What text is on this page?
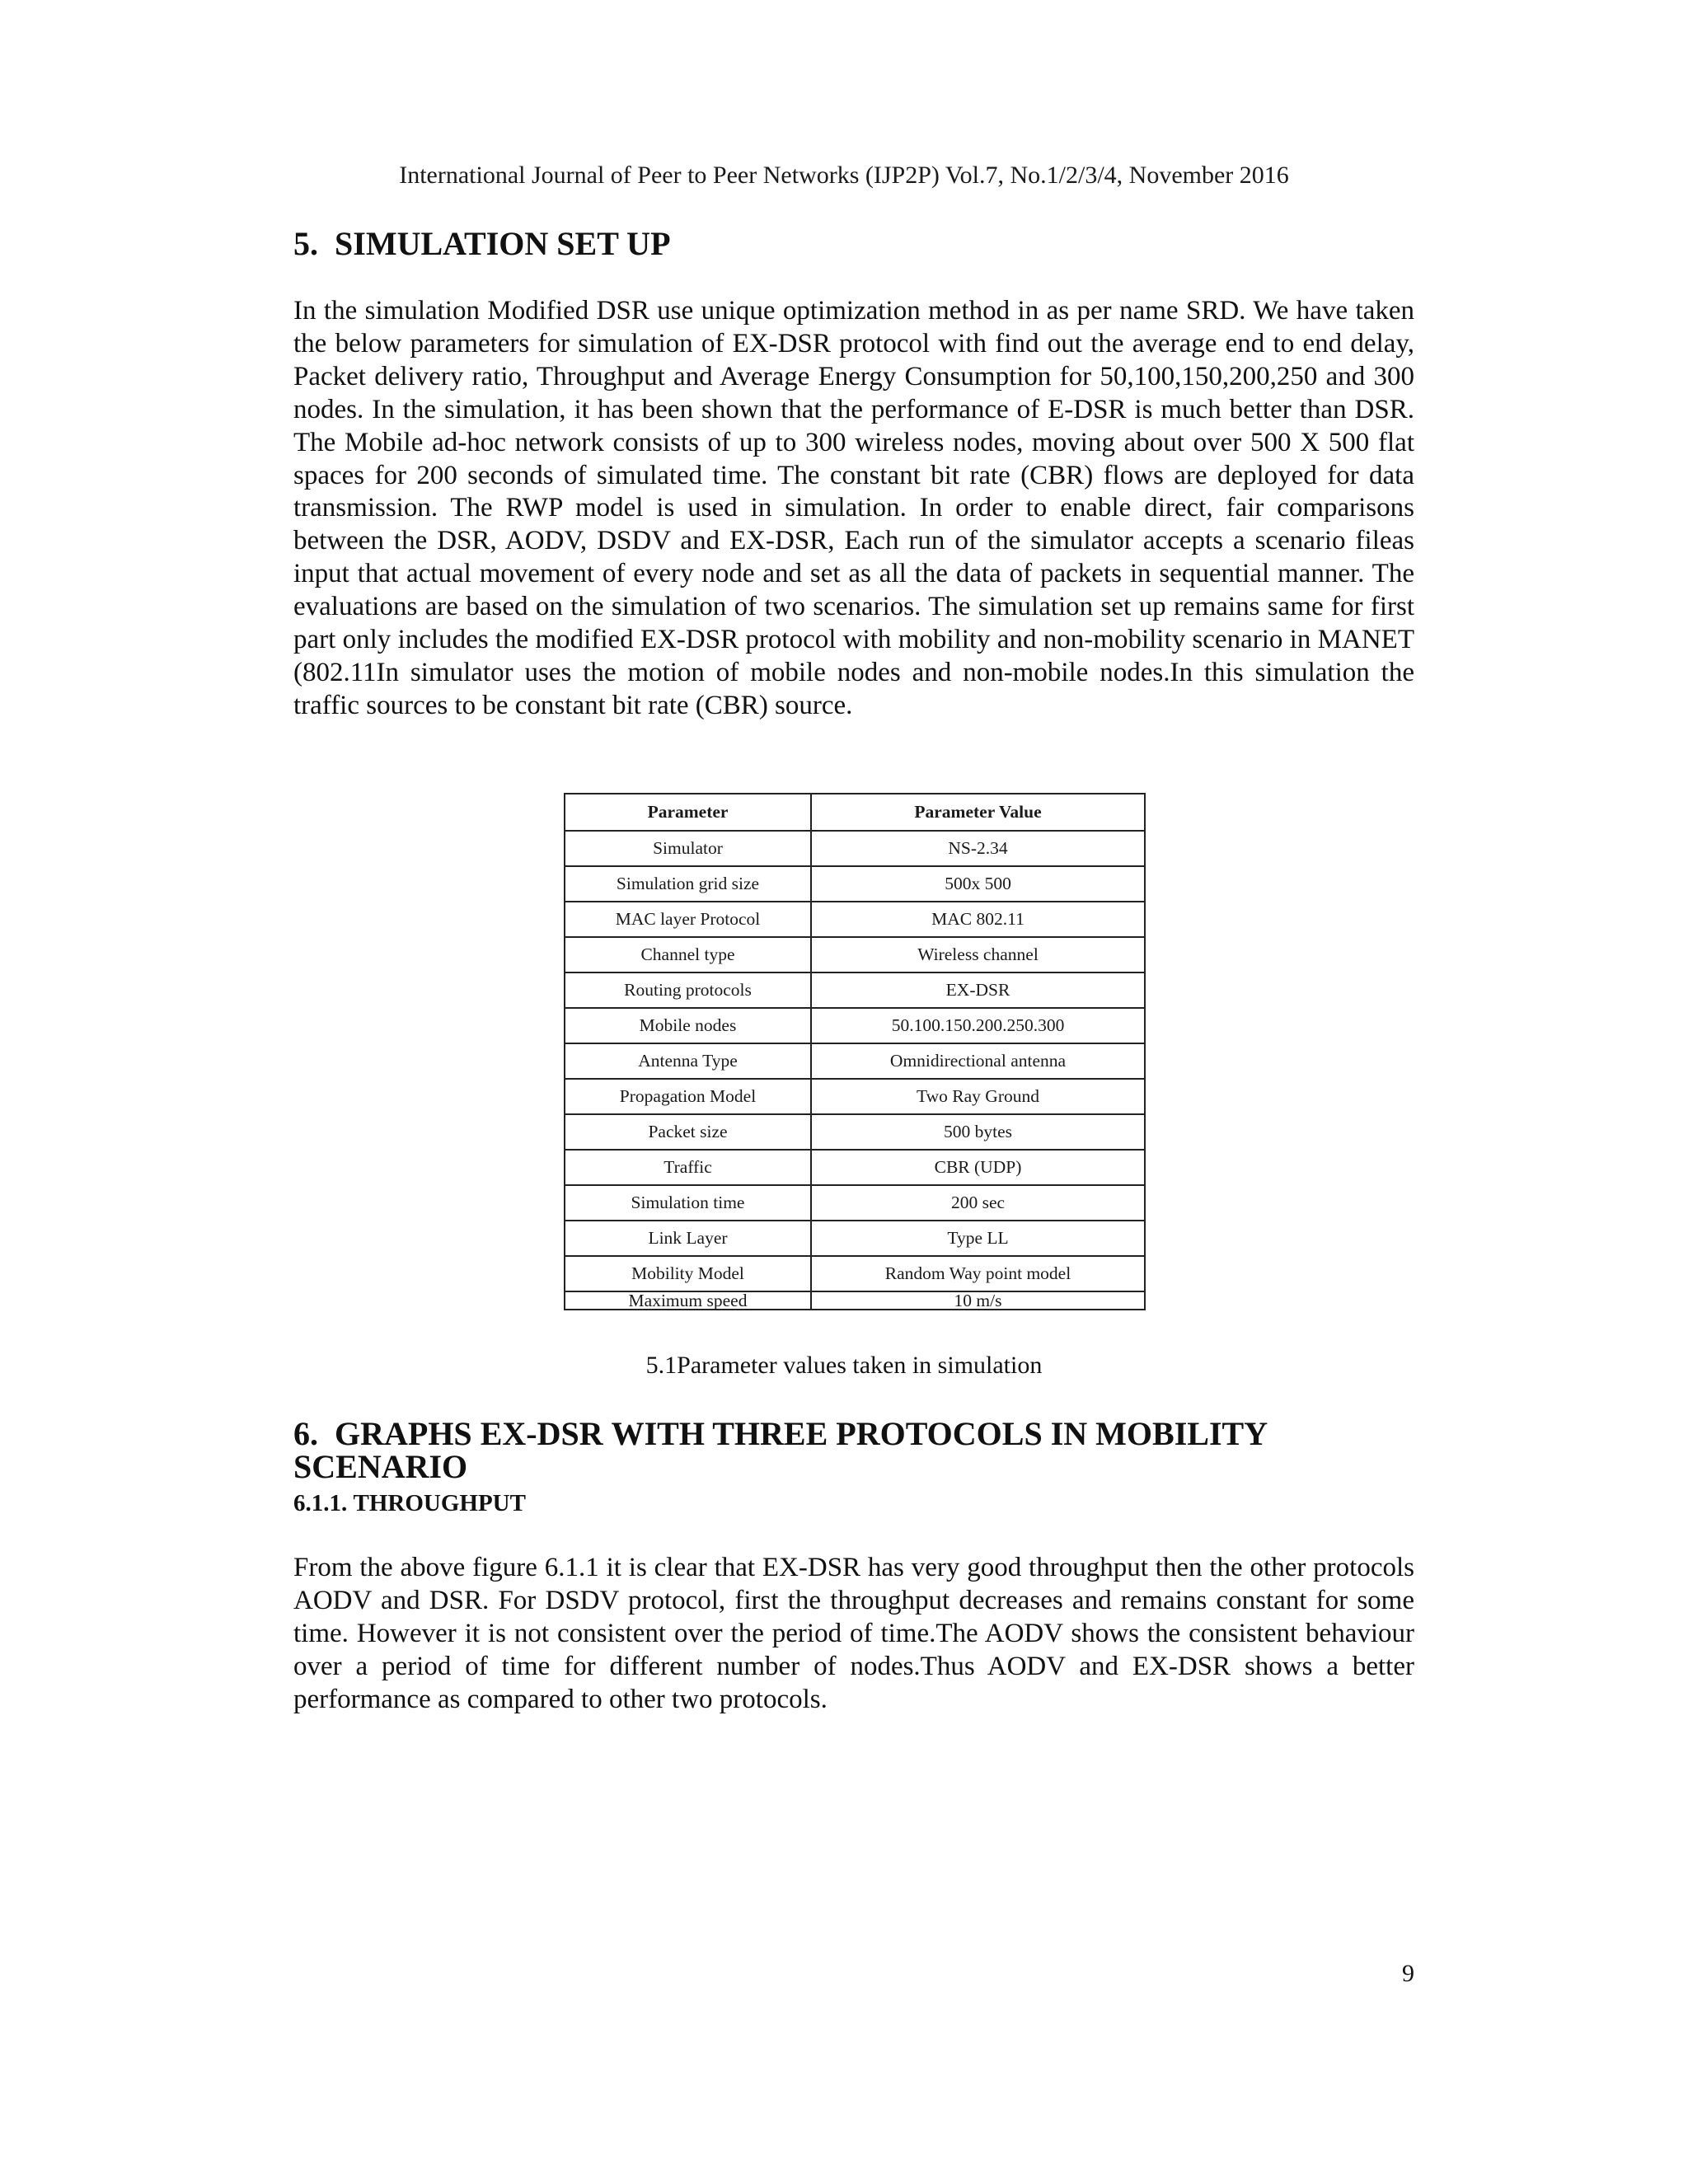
International Journal of Peer to Peer Networks (IJP2P) Vol.7, No.1/2/3/4, November 2016

5. SIMULATION SET UP

In the simulation Modified DSR use unique optimization method in as per name SRD. We have taken the below parameters for simulation of EX-DSR protocol with find out the average end to end delay, Packet delivery ratio, Throughput and Average Energy Consumption for 50,100,150,200,250 and 300 nodes. In the simulation, it has been shown that the performance of E-DSR is much better than DSR. The Mobile ad-hoc network consists of up to 300 wireless nodes, moving about over 500 X 500 flat spaces for 200 seconds of simulated time. The constant bit rate (CBR) flows are deployed for data transmission. The RWP model is used in simulation. In order to enable direct, fair comparisons between the DSR, AODV, DSDV and EX-DSR, Each run of the simulator accepts a scenario fileas input that actual movement of every node and set as all the data of packets in sequential manner. The evaluations are based on the simulation of two scenarios. The simulation set up remains same for first part only includes the modified EX-DSR protocol with mobility and non-mobility scenario in MANET (802.11In simulator uses the motion of mobile nodes and non-mobile nodes.In this simulation the traffic sources to be constant bit rate (CBR) source.

Parameter	Parameter Value
Simulator	NS-2.34
Simulation grid size	500x 500
MAC layer Protocol	MAC 802.11
Channel type	Wireless channel
Routing protocols	EX-DSR
Mobile nodes	50.100.150.200.250.300
Antenna Type	Omnidirectional antenna
Propagation Model	Two Ray Ground
Packet size	500 bytes
Traffic	CBR (UDP)
Simulation time	200 sec
Link Layer	Type LL
Mobility Model	Random Way point model
Maximum speed	10 m/s
5.1Parameter values taken in simulation

6. GRAPHS EX-DSR WITH THREE PROTOCOLS IN MOBILITY SCENARIO

6.1.1. THROUGHPUT

From the above figure 6.1.1 it is clear that EX-DSR has very good throughput then the other protocols AODV and DSR. For DSDV protocol, first the throughput decreases and remains constant for some time. However it is not consistent over the period of time.The AODV shows the consistent behaviour over a period of time for different number of nodes.Thus AODV and EX-DSR shows a better performance as compared to other two protocols.

9
